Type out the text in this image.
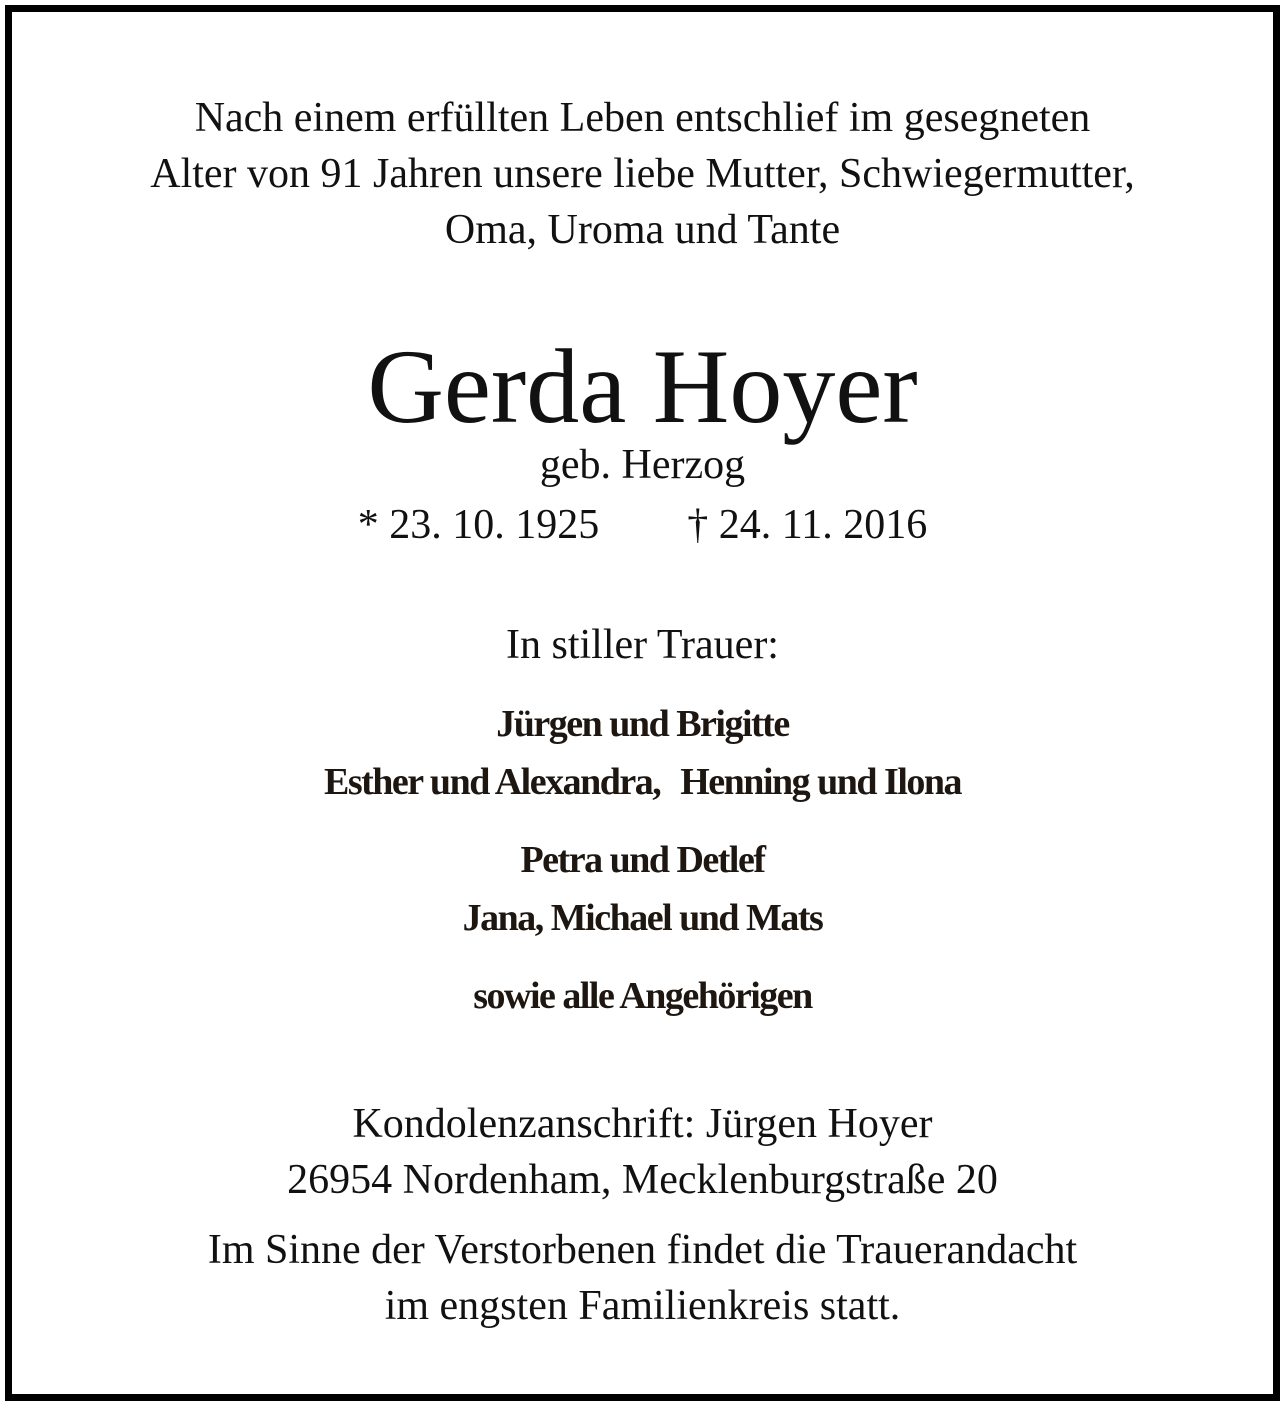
Nach einem erfüllten Leben entschlief im gesegneten
Alter von 91 Jahren unsere liebe Mutter, Schwiegermutter,
Oma, Uroma und Tante
Gerda Hoyer
geb. Herzog
* 23. 10. 1925 † 24. 11. 2016
In stiller Trauer:
Jürgen und Brigitte
Esther und Alexandra, Henning und Ilona
Petra und Detlef
Jana, Michael und Mats
sowie alle Angehörigen
Kondolenzanschrift: Jürgen Hoyer
26954 Nordenham, Mecklenburgstraße 20
Im Sinne der Verstorbenen findet die Trauerandacht
im engsten Familienkreis statt.
